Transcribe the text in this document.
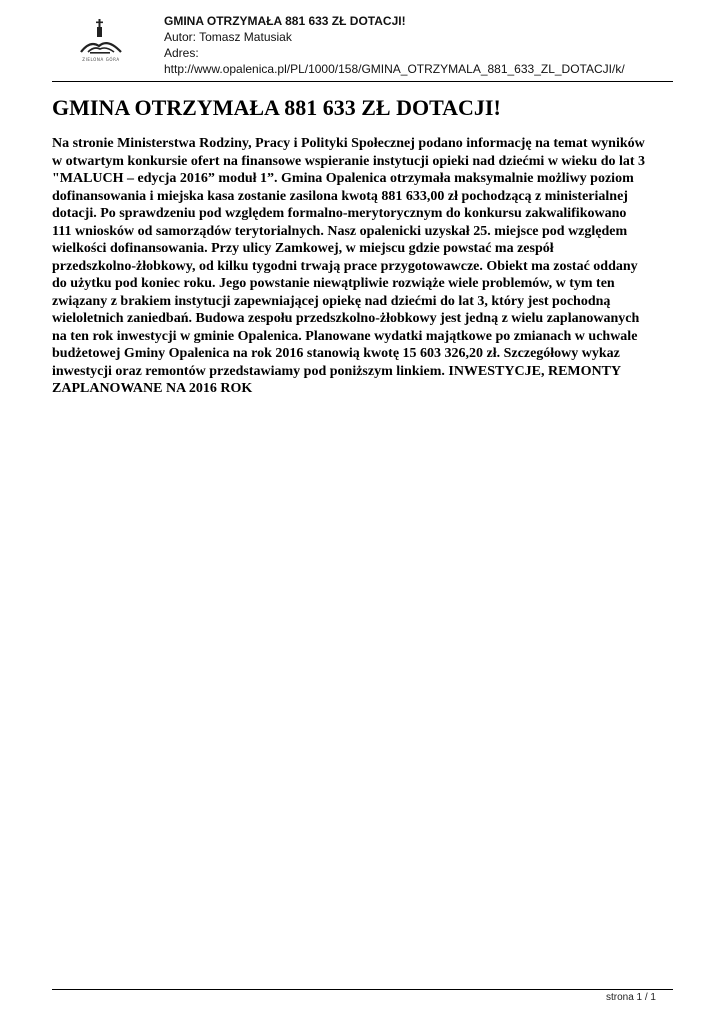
ZIELONA GÓRA
GMINA OTRZYMAŁA 881 633 ZŁ DOTACJI!
Autor: Tomasz Matusiak
Adres:
http://www.opalenica.pl/PL/1000/158/GMINA_OTRZYMALA_881_633_ZL_DOTACJI/k/
GMINA OTRZYMAŁA 881 633 ZŁ DOTACJI!
Na stronie Ministerstwa Rodziny, Pracy i Polityki Społecznej podano informację na temat wyników
w otwartym konkursie ofert na finansowe wspieranie instytucji opieki nad dziećmi w wieku do lat 3
"MALUCH – edycja 2016” moduł 1”. Gmina Opalenica otrzymała maksymalnie możliwy poziom
dofinansowania i miejska kasa zostanie zasilona kwotą 881 633,00 zł pochodzącą z ministerialnej
dotacji. Po sprawdzeniu pod względem formalno-merytorycznym do konkursu zakwalifikowano
111 wniosków od samorządów terytorialnych. Nasz opalenicki uzyskał 25. miejsce pod względem
wielkości dofinansowania. Przy ulicy Zamkowej, w miejscu gdzie powstać ma zespół
przedszkolno-żłobkowy, od kilku tygodni trwają prace przygotowawcze. Obiekt ma zostać oddany
do użytku pod koniec roku. Jego powstanie niewątpliwie rozwiąże wiele problemów, w tym ten
związany z brakiem instytucji zapewniającej opiekę nad dziećmi do lat 3, który jest pochodną
wieloletnich zaniedbań. Budowa zespołu przedszkolno-żłobkowy jest jedną z wielu zaplanowanych
na ten rok inwestycji w gminie Opalenica. Planowane wydatki majątkowe po zmianach w uchwale
budżetowej Gminy Opalenica na rok 2016 stanowią kwotę 15 603 326,20 zł. Szczegółowy wykaz
inwestycji oraz remontów przedstawiamy pod poniższym linkiem. INWESTYCJE, REMONTY
ZAPLANOWANE NA 2016 ROK
strona 1 / 1
